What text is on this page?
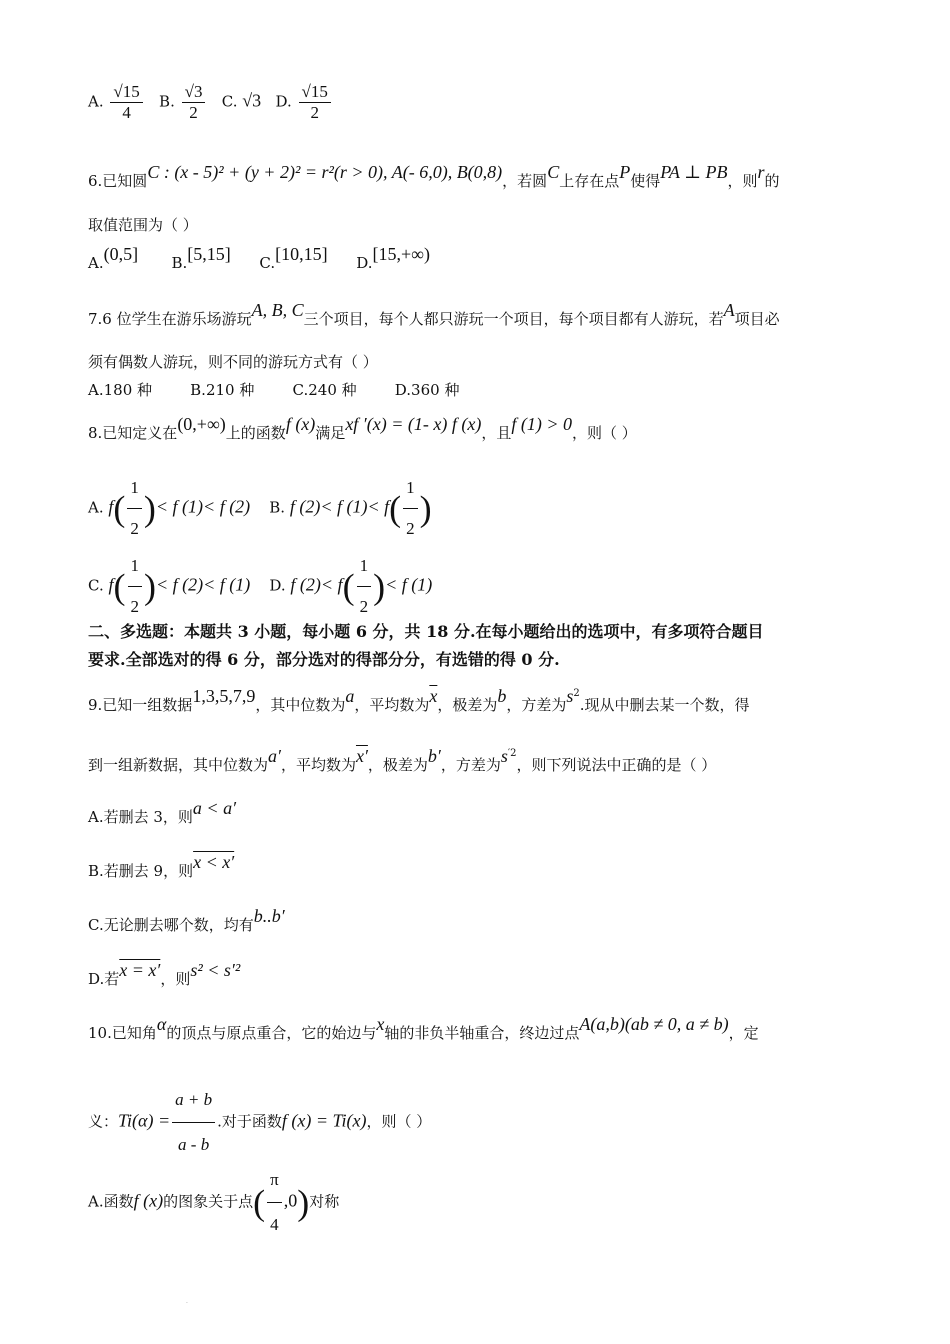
A. $\frac{√15}{4} B$. $\frac{√3}{2} C$. √3 D. $\frac{√15}{2}$
6.已知圆C : (x - 5)² + (y + 2)² = r²(r > 0), A(- 6,0), B(0,8)，若圆C上存在点P使得PA ⊥ PB，则r的
取值范围为（ ）
A.(0,5] B.[5,15] C.[10,15] D.[15,+∞)
7.6 位学生在游乐场游玩A, B, C三个项目，每个人都只游玩一个项目，每个项目都有人游玩，若A项目必
须有偶数人游玩，则不同的游玩方式有（ ）
A.180 种	B.210 种	C.240 种	D.360 种
8.已知定义在(0,+∞)上的函数f (x)满足xf ′(x) = (1- x) f (x)，且f (1) > 0，则（ ）
A. $f( \frac{1}{2}$ )< f (1)< f (2) B. f (2)< f $(1)< f( \frac{1}{2}$ )
C. $f( \frac{1}{2}$ )< f (2)< f (1) D. f $(2)< f( \frac{1}{2}$ )< f (1)
二、多选题：本题共 3 小题，每小题 6 分，共 18 分.在每小题给出的选项中，有多项符合题目
要求.全部选对的得 6 分，部分选对的得部分分，有选错的得 0 分.
9.已知一组数据1,3,5,7,9，其中位数为a，平均数为$\overline{x}$，极差为b，方差为$s^2$.现从中删去某一个数，得
到一组新数据，其中位数为a′，平均数为x′，极差为b′，方差为$s^{'2}$，则下列说法中正确的是（ ）
A.若删去 3，则a < a′
B.若删去 9，则x < x′
C.无论删去哪个数，均有b..b′
D.若x = x′，则s² < s′²
10.已知角α的顶点与原点重合，它的始边与x轴的非负半轴重合，终边过点A(a,b)(ab ≠ 0, a ≠ b)，定
义：$Ti(\alpha) = \frac{a + b}{a - b}$ .对于函数f (x) = Ti(x)，则（ ）
A.函数f (x)的图象关于点( $\frac{\pi}{4} ,0$)对称
·
